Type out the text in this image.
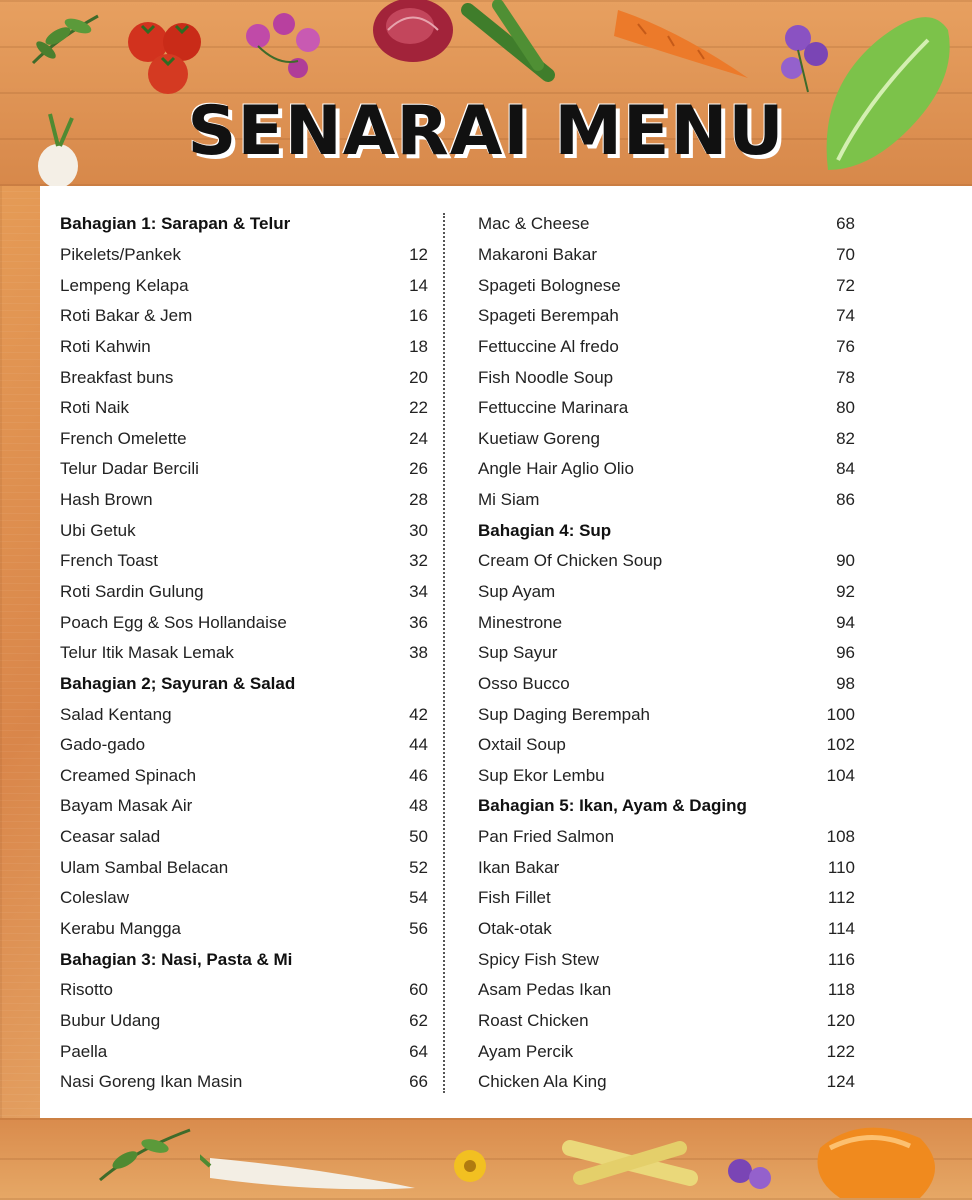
SENARAI MENU
Bahagian 1: Sarapan & Telur
Pikelets/Pankek	12
Lempeng Kelapa	14
Roti Bakar & Jem	16
Roti Kahwin	18
Breakfast buns	20
Roti Naik	22
French Omelette	24
Telur Dadar Bercili	26
Hash Brown	28
Ubi Getuk	30
French Toast	32
Roti Sardin Gulung	34
Poach Egg & Sos Hollandaise	36
Telur Itik Masak Lemak	38
Bahagian 2; Sayuran & Salad
Salad Kentang	42
Gado-gado	44
Creamed Spinach	46
Bayam Masak Air	48
Ceasar salad	50
Ulam Sambal Belacan	52
Coleslaw	54
Kerabu Mangga	56
Bahagian 3: Nasi, Pasta & Mi
Risotto	60
Bubur Udang	62
Paella	64
Nasi Goreng Ikan Masin	66
Mac & Cheese	68
Makaroni Bakar	70
Spageti Bolognese	72
Spageti Berempah	74
Fettuccine Al fredo	76
Fish Noodle Soup	78
Fettuccine Marinara	80
Kuetiaw Goreng	82
Angle Hair Aglio Olio	84
Mi Siam	86
Bahagian 4: Sup
Cream Of Chicken Soup	90
Sup Ayam	92
Minestrone	94
Sup Sayur	96
Osso Bucco	98
Sup Daging Berempah	100
Oxtail Soup	102
Sup Ekor Lembu	104
Bahagian 5: Ikan, Ayam & Daging
Pan Fried Salmon	108
Ikan Bakar	110
Fish Fillet	112
Otak-otak	114
Spicy Fish Stew	116
Asam Pedas Ikan	118
Roast Chicken	120
Ayam Percik	122
Chicken Ala King	124
